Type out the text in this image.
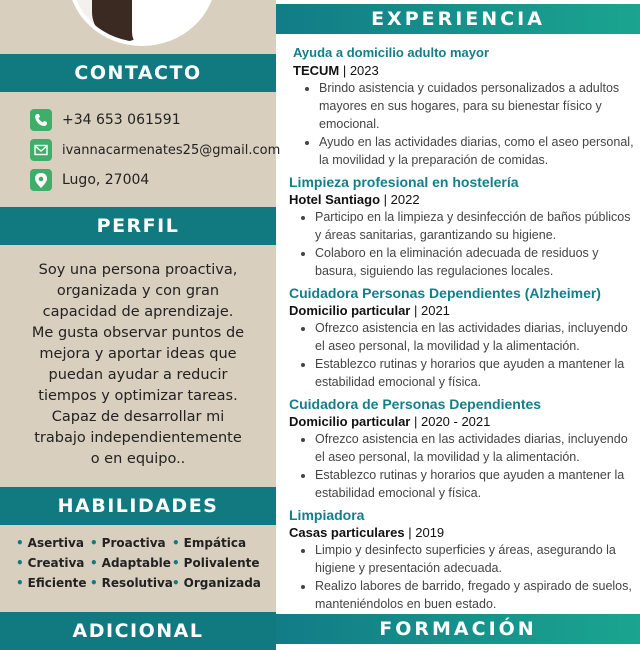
CONTACTO
+34 653 061591
ivannacarmenates25@gmail.com
Lugo, 27004
PERFIL
Soy una persona proactiva,
organizada y con gran
capacidad de aprendizaje.
Me gusta observar puntos de
mejora y aportar ideas que
puedan ayudar a reducir
tiempos y optimizar tareas.
Capaz de desarrollar mi
trabajo independientemente
o en equipo..
HABILIDADES
• Asertiva • Proactiva • Empática
• Creativa • Adaptable • Polivalente
• Eficiente • Resolutiva • Organizada
ADICIONAL
EXPERIENCIA
Ayuda a domicilio adulto mayor
TECUM | 2023
• Brindo asistencia y cuidados personalizados a adultos mayores en sus hogares, para su bienestar físico y emocional.
• Ayudo en las actividades diarias, como el aseo personal, la movilidad y la preparación de comidas.
Limpieza profesional en hostelería
Hotel Santiago | 2022
• Participo en la limpieza y desinfección de baños públicos y áreas sanitarias, garantizando su higiene.
• Colaboro en la eliminación adecuada de residuos y basura, siguiendo las regulaciones locales.
Cuidadora Personas Dependientes (Alzheimer)
Domicilio particular | 2021
• Ofrezco asistencia en las actividades diarias, incluyendo el aseo personal, la movilidad y la alimentación.
• Establezco rutinas y horarios que ayuden a mantener la estabilidad emocional y física.
Cuidadora de Personas Dependientes
Domicilio particular | 2020 - 2021
• Ofrezco asistencia en las actividades diarias, incluyendo el aseo personal, la movilidad y la alimentación.
• Establezco rutinas y horarios que ayuden a mantener la estabilidad emocional y física.
Limpiadora
Casas particulares | 2019
• Limpio y desinfecto superficies y áreas, asegurando la higiene y presentación adecuada.
• Realizo labores de barrido, fregado y aspirado de suelos, manteniéndolos en buen estado.
FORMACIÓN
